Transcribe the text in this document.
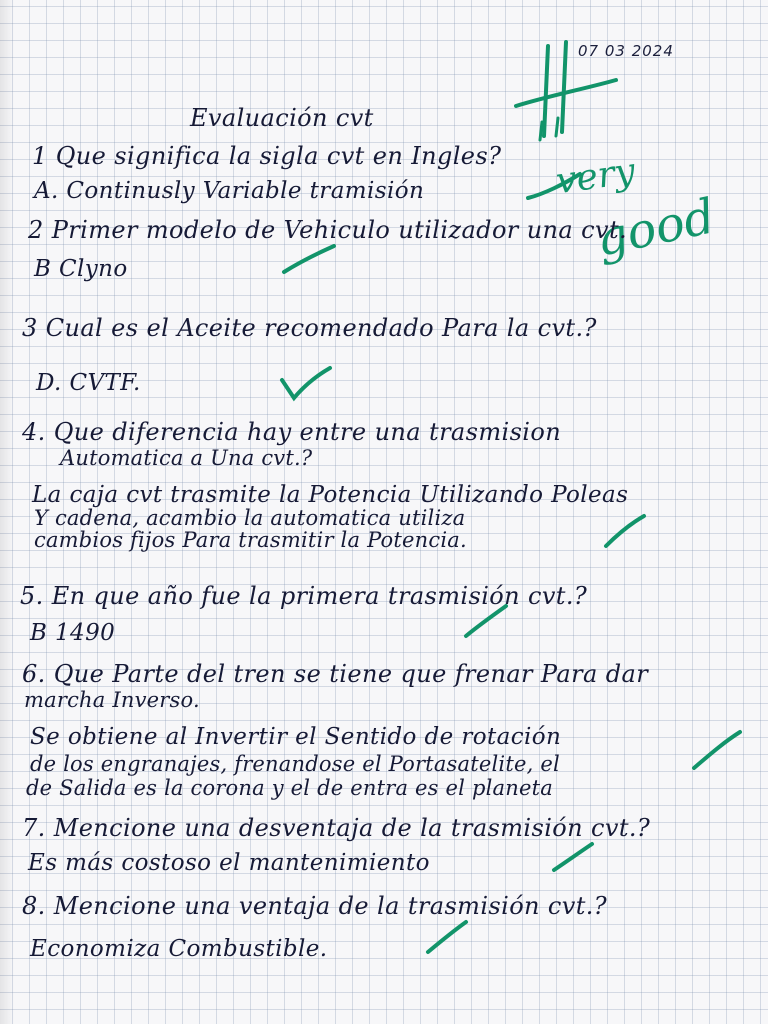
07 03 2024
very
good
Evaluación cvt
1 Que significa la sigla cvt en Ingles?
A. Continusly Variable tramisión
2 Primer modelo de Vehiculo utilizador una cvt.
B Clyno
3 Cual es el Aceite recomendado Para la cvt.?
D. CVTF.
4. Que diferencia hay entre una trasmision
Automatica a Una cvt.?
La caja cvt trasmite la Potencia Utilizando Poleas
Y cadena, acambio la automatica utiliza
cambios fijos Para trasmitir la Potencia.
5. En que año fue la primera trasmisión cvt.?
B 1490
6. Que Parte del tren se tiene que frenar Para dar
marcha Inverso.
Se obtiene al Invertir el Sentido de rotación
de los engranajes, frenandose el Portasatelite, el
de Salida es la corona y el de entra es el planeta
7. Mencione una desventaja de la trasmisión cvt.?
Es más costoso el mantenimiento
8. Mencione una ventaja de la trasmisión cvt.?
Economiza Combustible.
